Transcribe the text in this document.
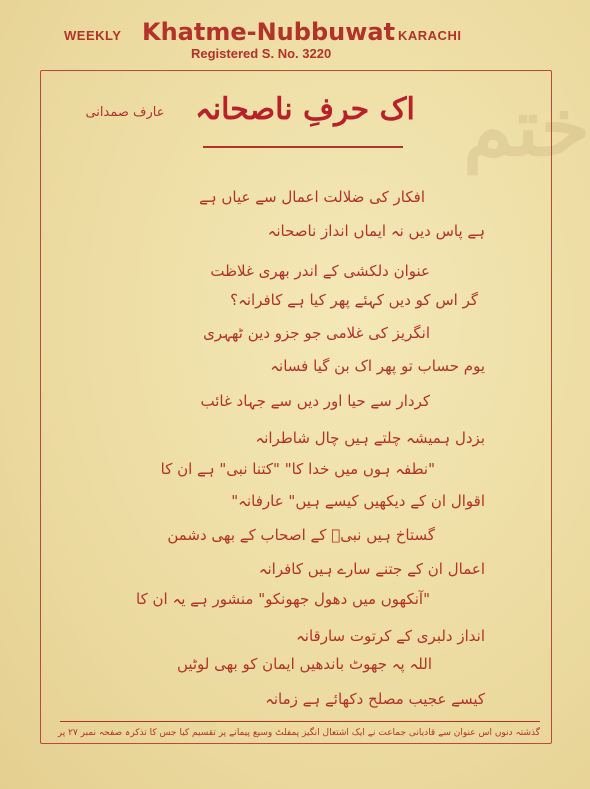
WEEKLY Khatme-Nubbuwat KARACHI
Registered S. No. 3220
ختم
عارف صمدانی اک حرفِ ناصحانہ
افکار کی ضلالت اعمال سے عیاں ہے
ہے پاس دیں نہ ایماں انداز ناصحانہ
عنوان دلکشی کے اندر بھری غلاظت
گر اس کو دیں کہئے پھر کیا ہے کافرانہ؟
انگریز کی غلامی جو جزو دین ٹھہری
یوم حساب تو پھر اک بن گیا فسانہ
کردار سے حیا اور دیں سے جہاد غائب
بزدل ہمیشہ چلتے ہیں چال شاطرانہ
"نطفہ ہوں میں خدا کا" "کتنا نبی" ہے ان کا
اقوال ان کے دیکھیں کیسے ہیں" عارفانہ"
گستاخ ہیں نبیؐ کے اصحاب کے بھی دشمن
اعمال ان کے جتنے سارے ہیں کافرانہ
"آنکھوں میں دھول جھونکو" منشور ہے یہ ان کا
انداز دلبری کے کرتوت سارقانہ
اللہ پہ جھوٹ باندھیں ایمان کو بھی لوٹیں
کیسے عجیب مصلح دکھائے ہے زمانہ
گذشتہ دنوں اس عنوان سے قادیانی جماعت نے ایک اشتعال انگیز پمفلٹ وسیع پیمانے پر تقسیم کیا جس کا تذکرہ صفحہ نمبر ۲۷ پر
